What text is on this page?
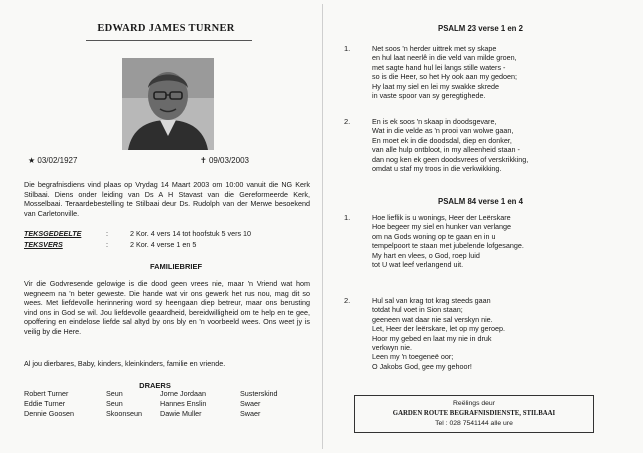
EDWARD JAMES TURNER
★ 03/02/1927	✝ 09/03/2003
Die begrafnisdiens vind plaas op Vrydag 14 Maart 2003 om 10:00 vanuit die NG Kerk Stilbaai. Diens onder leiding van Ds A H Stavast van die Gereformeerde Kerk, Mosselbaai. Teraardebestelling te Stilbaai deur Ds. Rudolph van der Merwe besoekend van Carletonville.
TEKSGEDEELTE	:	2 Kor. 4 vers 14 tot hoofstuk 5 vers 10
TEKSVERS	:	2 Kor. 4 verse 1 en 5
FAMILIEBRIEF
Vir die Godvresende gelowige is die dood geen vrees nie, maar 'n Vriend wat hom wegneem na 'n beter geweste. Die hande wat vir ons gewerk het rus nou, mag dit so wees. Met liefdevolle herinnering word sy heengaan diep betreur, maar ons berusting vind ons in God se wil. Jou liefdevolle geaardheid, bereidwilligheid om te help en te gee, opoffering en eindelose liefde sal altyd by ons bly en 'n voorbeeld wees. Ons weet jy is veilig by die Here.
Al jou dierbares, Baby, kinders, kleinkinders, familie en vriende.
DRAERS
Robert Turner	Seun	Jorne Jordaan	Susterskind
Eddie Turner	Seun	Hannes Enslin	Swaer
Dennie Goosen	Skoonseun	Dawie Muller	Swaer
PSALM 23 verse 1 en 2
1.	Net soos 'n herder uittrek met sy skape
en hul laat neerlê in die veld van milde groen,
met sagte hand hul lei langs stille waters -
so is die Heer, so het Hy ook aan my gedoen;
Hy laat my siel en lei my swakke skrede
in vaste spoor van sy geregtighede.
2.	En is ek soos 'n skaap in doodsgevare,
Wat in die velde as 'n prooi van wolwe gaan,
En moet ek in die doodsdal, diep en donker,
van alle hulp ontbloot, in my alleenheid staan -
dan nog ken ek geen doodsvrees of verskrikking,
omdat u staf my troos in die verkwikking.
PSALM 84 verse 1 en 4
1.	Hoe lieflik is u wonings, Heer der Leërskare
Hoe begeer my siel en hunker van verlange
om na Gods woning op te gaan en in u
tempelpoort te staan met jubelende lofgesange.
My hart en vlees, o God, roep luid
tot U wat leef verlangend uit.
2.	Hul sal van krag tot krag steeds gaan
totdat hul voet in Sion staan;
geeneen wat daar nie sal verskyn nie.
Let, Heer der leërskare, let op my geroep.
Hoor my gebed en laat my nie in druk
verkwyn nie.
Leen my 'n toegeneë oor;
O Jakobs God, gee my gehoor!
Reëlings deur
GARDEN ROUTE BEGRAFNISDIENSTE, STILBAAI
Tel : 028 7541144 alle ure
